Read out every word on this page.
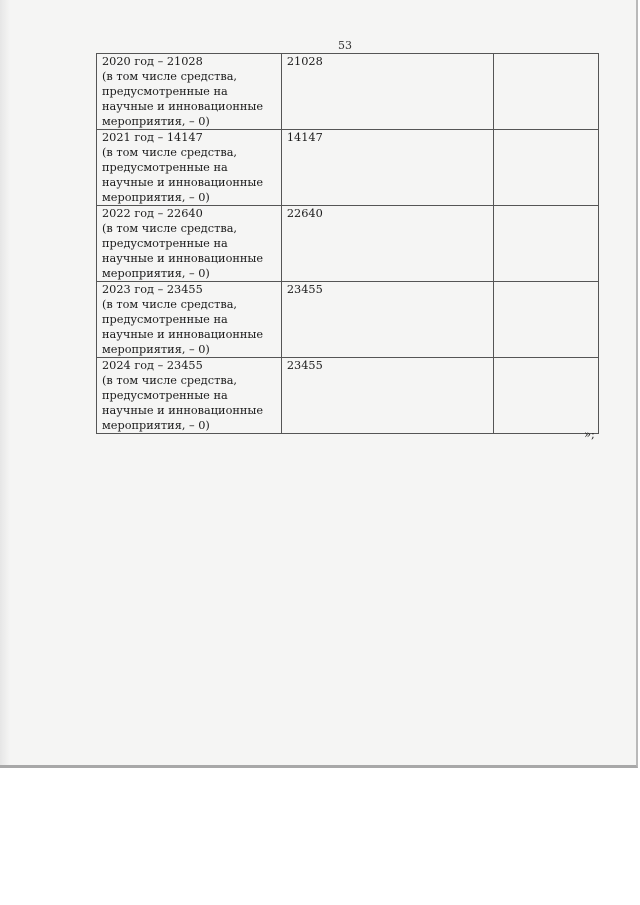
53
2020 год – 21028
(в том числе средства,
предусмотренные на
научные и инновационные
мероприятия, – 0)	21028	

2021 год – 14147
(в том числе средства,
предусмотренные на
научные и инновационные
мероприятия, – 0)	14147	

2022 год – 22640
(в том числе средства,
предусмотренные на
научные и инновационные
мероприятия, – 0)	22640	

2023 год – 23455
(в том числе средства,
предусмотренные на
научные и инновационные
мероприятия, – 0)	23455	

2024 год – 23455
(в том числе средства,
предусмотренные на
научные и инновационные
мероприятия, – 0)	23455	
»;
